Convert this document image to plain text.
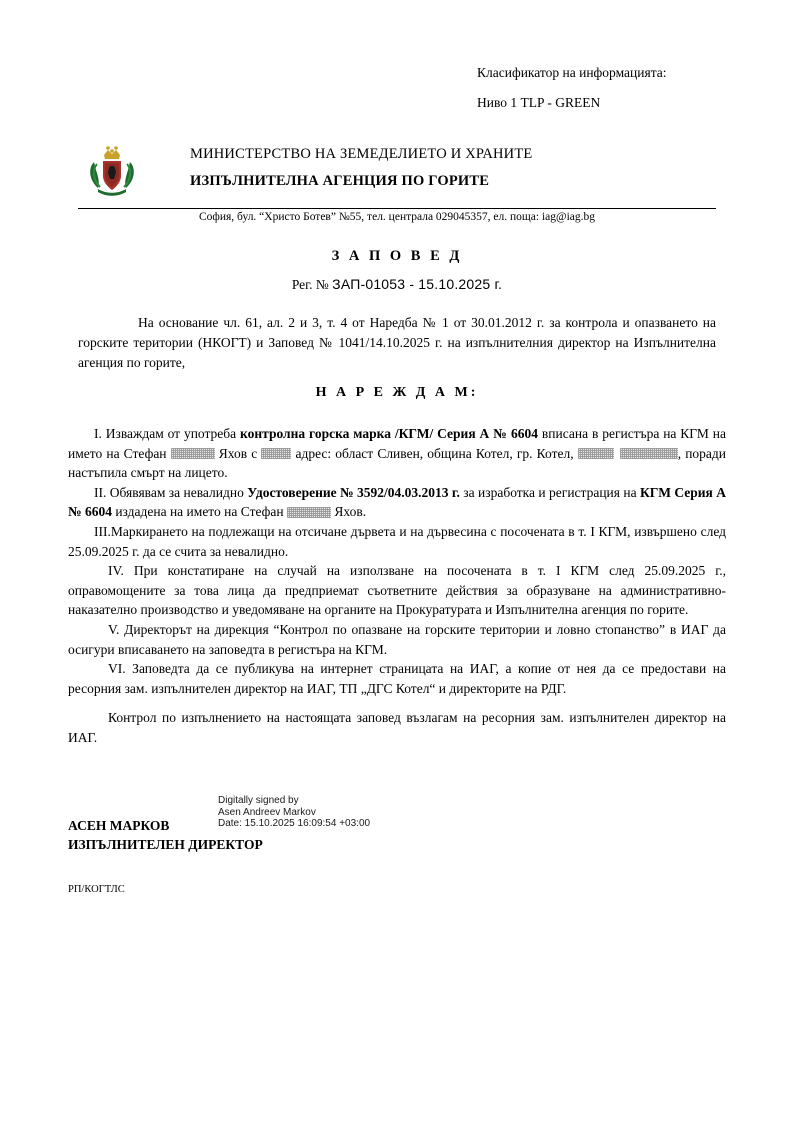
Класификатор на информацията:
Ниво 1 TLP - GREEN
МИНИСТЕРСТВО НА ЗЕМЕДЕЛИЕТО И ХРАНИТЕ
ИЗПЪЛНИТЕЛНА АГЕНЦИЯ ПО ГОРИТЕ
София, бул. “Христо Ботев” №55, тел. централа 029045357, ел. поща: iag@iag.bg
З А П О В Е Д
Рег. № ЗАП-01053 - 15.10.2025 г.
На основание чл. 61, ал. 2 и 3, т. 4 от Наредба № 1 от 30.01.2012 г. за контрола и опазването на горските територии (НКОГТ) и Заповед № 1041/14.10.2025 г. на изпълнителния директор на Изпълнителна агенция по горите,
Н А Р Е Ж Д А М:

I. Изваждам от употреба контролна горска марка /КГМ/ Серия А № 6604 вписана в регистъра на КГМ на името на Стефан	Яхов с  адрес: област Сливен, община Котел, гр. Котел,	, поради настъпила смърт на лицето.

II. Обявявам за невалидно Удостоверение № 3592/04.03.2013 г. за изработка и регистрация на КГМ Серия А № 6604 издадена на името на Стефан	Яхов.

III.Маркирането на подлежащи на отсичане дървета и на дървесина с посочената в т. I КГМ, извършено след 25.09.2025 г. да се счита за невалидно.

IV. При констатиране на случай на използване на посочената в т. I КГМ след 25.09.2025 г., оправомощените за това лица да предприемат съответните действия за образуване на административно-наказателно производство и уведомяване на органите на Прокуратурата и Изпълнителна агенция по горите.

V. Директорът на дирекция “Контрол по опазване на горските територии и ловно стопанство” в ИАГ да осигури вписаването на заповедта в регистъра на КГМ.

VI. Заповедта да се публикува на интернет страницата на ИАГ, а копие от нея да се предостави на ресорния зам. изпълнителен директор на ИАГ, ТП „ДГС Котел“ и директорите на РДГ.

Контрол по изпълнението на настоящата заповед възлагам на ресорния зам. изпълнителен директор на ИАГ.

Digitally signed by
Asen Andreev Markov
Date: 15.10.2025 16:09:54 +03:00
АСЕН МАРКОВ
ИЗПЪЛНИТЕЛЕН ДИРЕКТОР
РП/КОГТЛС
